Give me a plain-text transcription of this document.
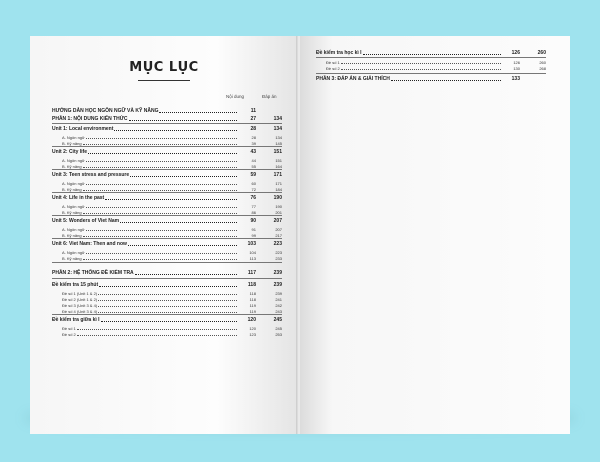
MỤC LỤC
Nội dung	Đáp án
HƯỚNG DẪN HỌC NGÔN NGỮ VÀ KỸ NĂNG	11
PHẦN 1: NỘI DUNG KIẾN THỨC	27	134
Unit 1: Local environment	28	134
A. Ngôn ngữ	28	134
B. Kỹ năng	39	145
Unit 2: City life	43	151
A. Ngôn ngữ	44	151
B. Kỹ năng	55	164
Unit 3: Teen stress and pressure	59	171
A. Ngôn ngữ	60	171
B. Kỹ năng	72	184
Unit 4: Life in the past	76	190
A. Ngôn ngữ	77	190
B. Kỹ năng	86	201
Unit 5: Wonders of Viet Nam	90	207
A. Ngôn ngữ	91	207
B. Kỹ năng	99	217
Unit 6: Viet Nam: Then and now	103	223
A. Ngôn ngữ	104	223
B. Kỹ năng	113	233
PHẦN 2: HỆ THỐNG ĐỀ KIỂM TRA	117	239
Đề kiểm tra 15 phút	118	239
Đề số 1 (Unit 1 & 2)	118	239
Đề số 2 (Unit 1 & 2)	118	241
Đề số 3 (Unit 3 & 4)	119	242
Đề số 4 (Unit 3 & 4)	119	243
Đề kiểm tra giữa kì I	120	245
Đề số 1	120	245
Đề số 2	123	253
Đề kiểm tra học kì I	126	260
Đề số 1	126	260
Đề số 2	130	268
PHẦN 3: ĐÁP ÁN & GIẢI THÍCH	133
